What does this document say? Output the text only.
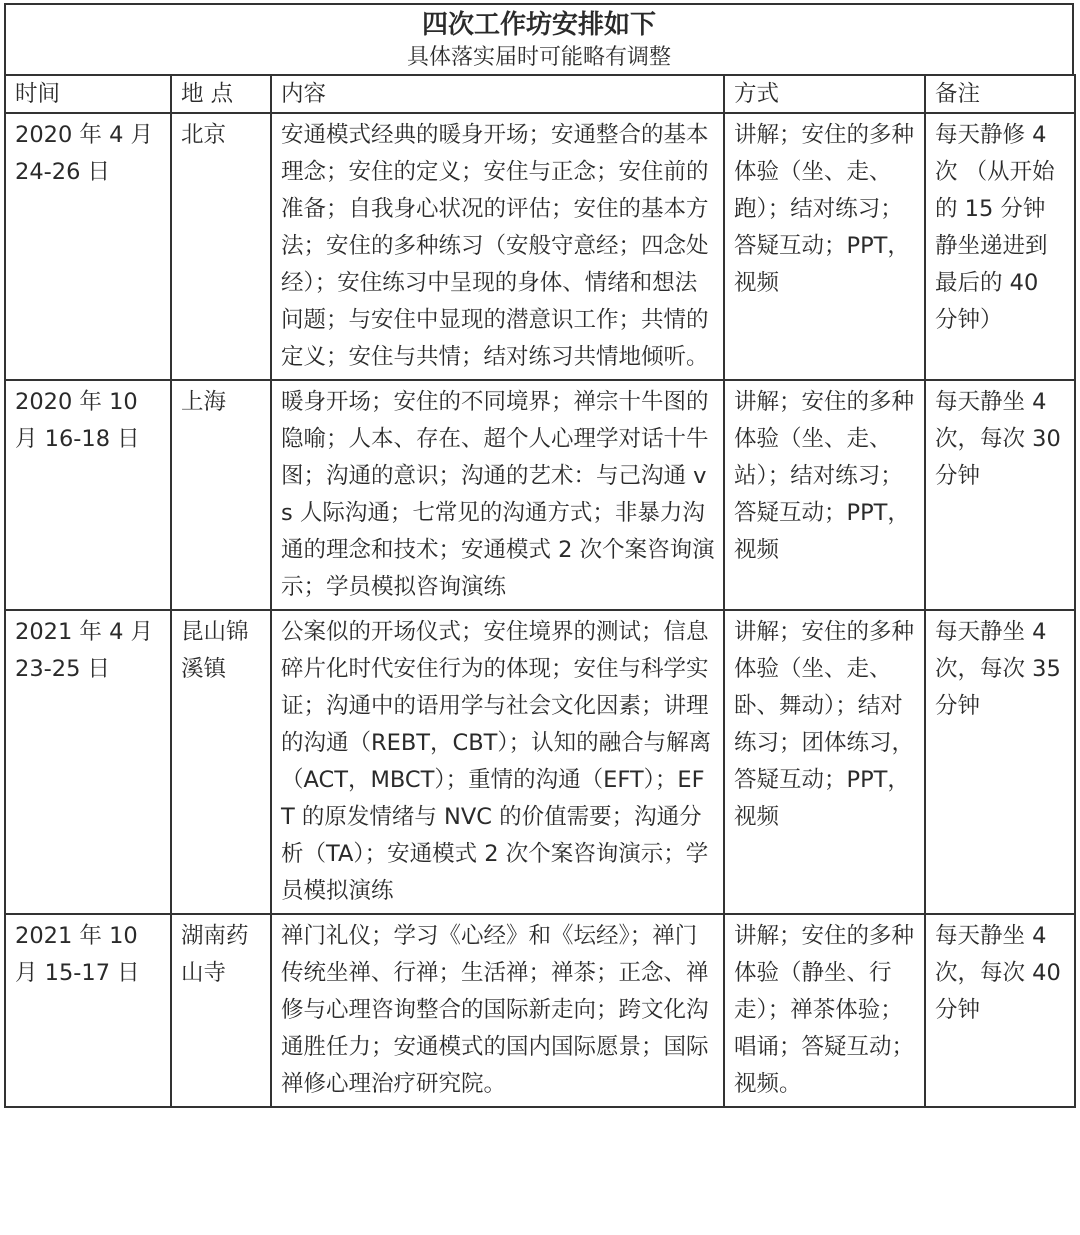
四次工作坊安排如下
具体落实届时可能略有调整
时间	地 点	内容	方式	备注
2020 年 4 月 24-26 日	北京	安通模式经典的暖身开场；安通整合的基本理念；安住的定义；安住与正念；安住前的准备；自我身心状况的评估；安住的基本方法；安住的多种练习（安般守意经；四念处经）；安住练习中呈现的身体、情绪和想法问题；与安住中显现的潜意识工作；共情的定义；安住与共情；结对练习共情地倾听。	讲解；安住的多种体验（坐、走、跑）；结对练习；答疑互动；PPT，视频	每天静修 4 次 （从开始的 15 分钟静坐递进到最后的 40 分钟）
2020 年 10 月 16-18 日	上海	暖身开场；安住的不同境界；禅宗十牛图的隐喻；人本、存在、超个人心理学对话十牛图；沟通的意识；沟通的艺术：与己沟通 vs 人际沟通；七常见的沟通方式；非暴力沟通的理念和技术；安通模式 2 次个案咨询演示；学员模拟咨询演练	讲解；安住的多种体验（坐、走、站）；结对练习；答疑互动；PPT，视频	每天静坐 4 次，每次 30 分钟
2021 年 4 月 23-25 日	昆山锦溪镇	公案似的开场仪式；安住境界的测试；信息碎片化时代安住行为的体现；安住与科学实证；沟通中的语用学与社会文化因素；讲理的沟通（REBT，CBT）；认知的融合与解离（ACT，MBCT）；重情的沟通（EFT）；EFT 的原发情绪与 NVC 的价值需要；沟通分析（TA）；安通模式 2 次个案咨询演示；学员模拟演练	讲解；安住的多种体验（坐、走、卧、舞动）；结对练习；团体练习，答疑互动；PPT，视频	每天静坐 4 次，每次 35 分钟
2021 年 10 月 15-17 日	湖南药山寺	禅门礼仪；学习《心经》和《坛经》；禅门传统坐禅、行禅；生活禅；禅茶；正念、禅修与心理咨询整合的国际新走向；跨文化沟通胜任力；安通模式的国内国际愿景；国际禅修心理治疗研究院。	讲解；安住的多种体验（静坐、行走）；禅茶体验；唱诵；答疑互动；视频。	每天静坐 4 次，每次 40 分钟
